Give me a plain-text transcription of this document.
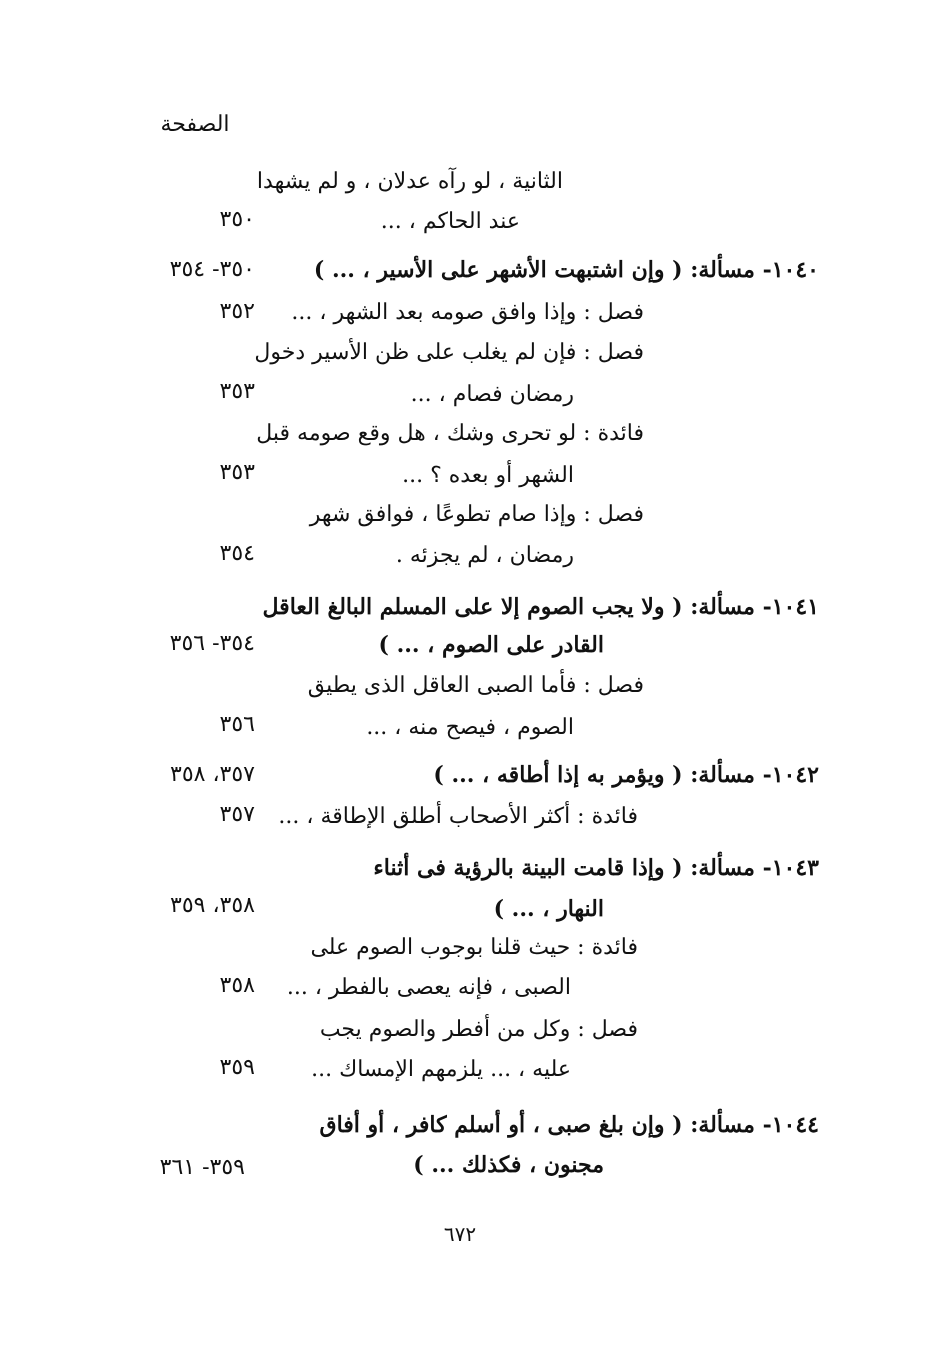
الصفحة
الثانية ، لو رآه عدلان ، و لم يشهدا
عند الحاكم ، ...
١٠٤٠- مسألة: ( وإن اشتبهت الأشهر على الأسير ، ... )
فصل : وإذا وافق صومه بعد الشهر ، ...
فصل : فإن لم يغلب على ظن الأسير دخول
رمضان فصام ، ...
فائدة : لو تحرى وشك ، هل وقع صومه قبل
الشهر أو بعده ؟ ...
فصل : وإذا صام تطوعًا ، فوافق شهر
رمضان ، لم يجزئه .
١٠٤١- مسألة: ( ولا يجب الصوم إلا على المسلم البالغ العاقل
القادر على الصوم ، ... )
فصل : فأما الصبى العاقل الذى يطيق
الصوم ، فيصح منه ، ...
١٠٤٢- مسألة: ( ويؤمر به إذا أطاقه ، ... )
فائدة : أكثر الأصحاب أطلق الإطاقة ، ...
١٠٤٣- مسألة: ( وإذا قامت البينة بالرؤية فى أثناء
النهار ، ... )
فائدة : حيث قلنا بوجوب الصوم على
الصبى ، فإنه يعصى بالفطر ، ...
فصل : وكل من أفطر والصوم يجب
عليه ، ... يلزمهم الإمساك ...
١٠٤٤- مسألة: ( وإن بلغ صبى ، أو أسلم كافر ، أو أفاق
مجنون ، فكذلك ... )
٣٥٠
٣٥٠- ٣٥٤
٣٥٢
٣٥٣
٣٥٣
٣٥٤
٣٥٤- ٣٥٦
٣٥٦
٣٥٧، ٣٥٨
٣٥٧
٣٥٨، ٣٥٩
٣٥٨
٣٥٩
٣٥٩- ٣٦١
٦٧٢
